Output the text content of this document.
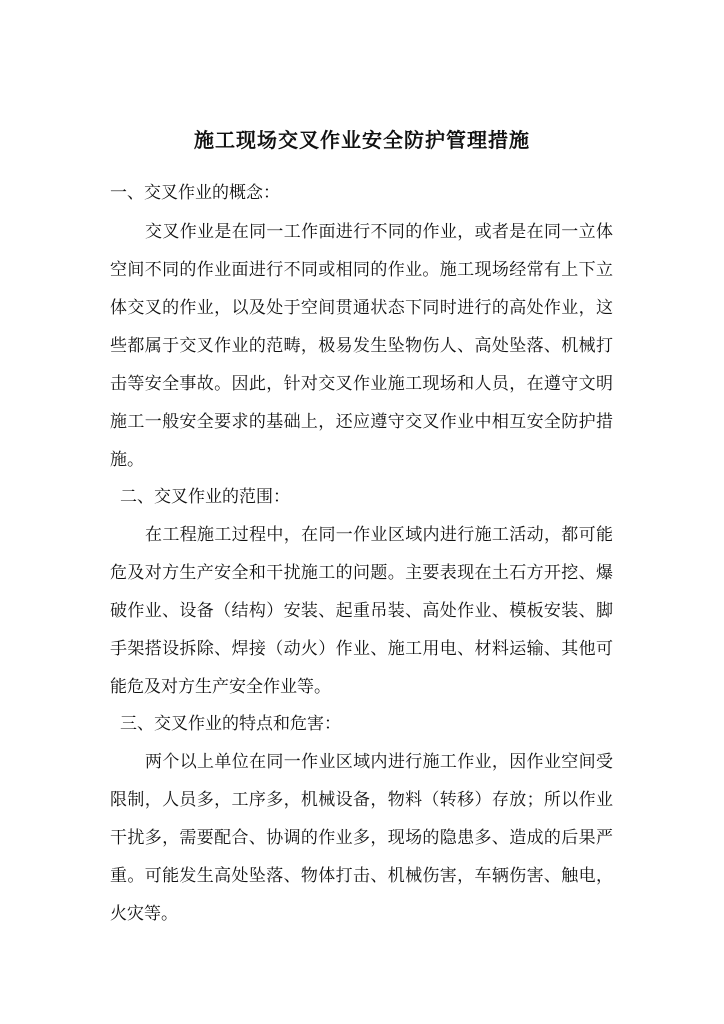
施工现场交叉作业安全防护管理措施
一、交叉作业的概念：
交叉作业是在同一工作面进行不同的作业，或者是在同一立体
空间不同的作业面进行不同或相同的作业。施工现场经常有上下立
体交叉的作业，以及处于空间贯通状态下同时进行的高处作业，这
些都属于交叉作业的范畴，极易发生坠物伤人、高处坠落、机械打
击等安全事故。因此，针对交叉作业施工现场和人员，在遵守文明
施工一般安全要求的基础上，还应遵守交叉作业中相互安全防护措
施。
二、交叉作业的范围：
在工程施工过程中，在同一作业区域内进行施工活动，都可能
危及对方生产安全和干扰施工的问题。主要表现在土石方开挖、爆
破作业、设备（结构）安装、起重吊装、高处作业、模板安装、脚
手架搭设拆除、焊接（动火）作业、施工用电、材料运输、其他可
能危及对方生产安全作业等。
三、交叉作业的特点和危害：
两个以上单位在同一作业区域内进行施工作业，因作业空间受
限制，人员多，工序多，机械设备，物料（转移）存放；所以作业
干扰多，需要配合、协调的作业多，现场的隐患多、造成的后果严
重。可能发生高处坠落、物体打击、机械伤害，车辆伤害、触电，
火灾等。
